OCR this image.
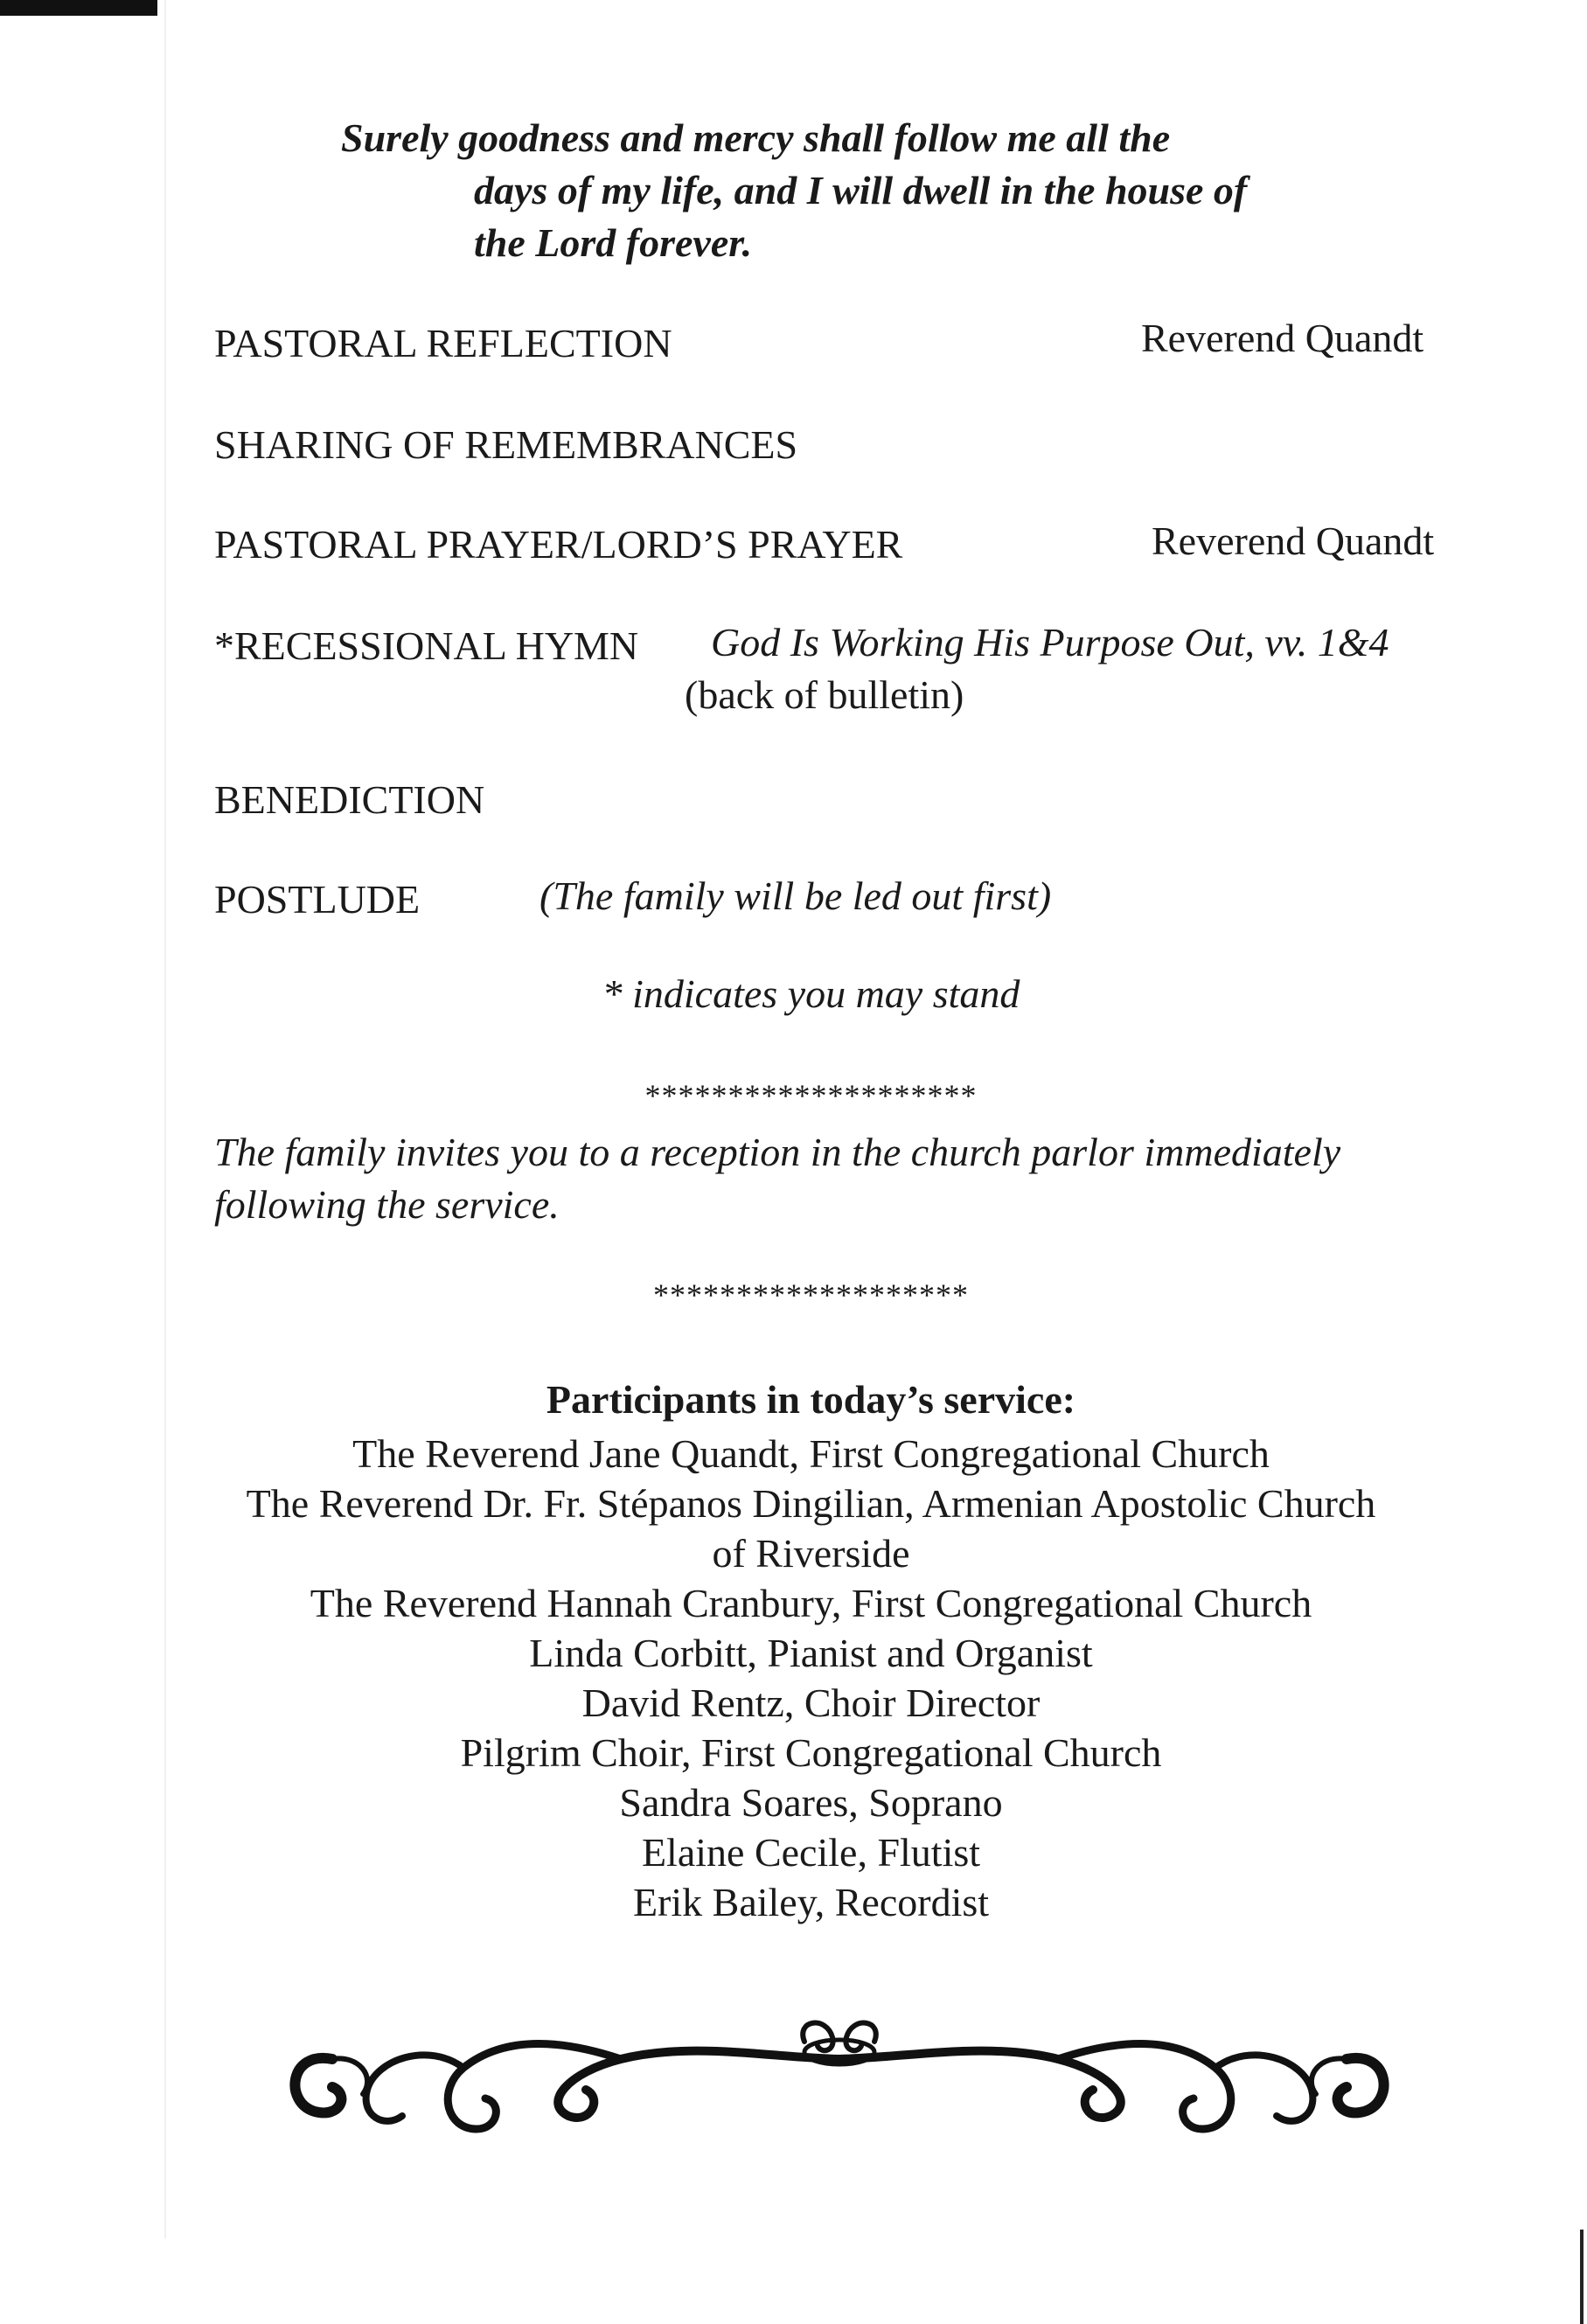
Surely goodness and mercy shall follow me all the
days of my life, and I will dwell in the house of
the Lord forever.
PASTORAL REFLECTION	Reverend Quandt
SHARING OF REMEMBRANCES
PASTORAL PRAYER/LORD’S PRAYER	Reverend Quandt
*RECESSIONAL HYMN God Is Working His Purpose Out, vv. 1&4
(back of bulletin)
BENEDICTION
POSTLUDE	(The family will be led out first)
* indicates you may stand
********************
The family invites you to a reception in the church parlor immediately
following the service.
*******************
Participants in today’s service:
The Reverend Jane Quandt, First Congregational Church
The Reverend Dr. Fr. Stépanos Dingilian, Armenian Apostolic Church
of Riverside
The Reverend Hannah Cranbury, First Congregational Church
Linda Corbitt, Pianist and Organist
David Rentz, Choir Director
Pilgrim Choir, First Congregational Church
Sandra Soares, Soprano
Elaine Cecile, Flutist
Erik Bailey, Recordist
